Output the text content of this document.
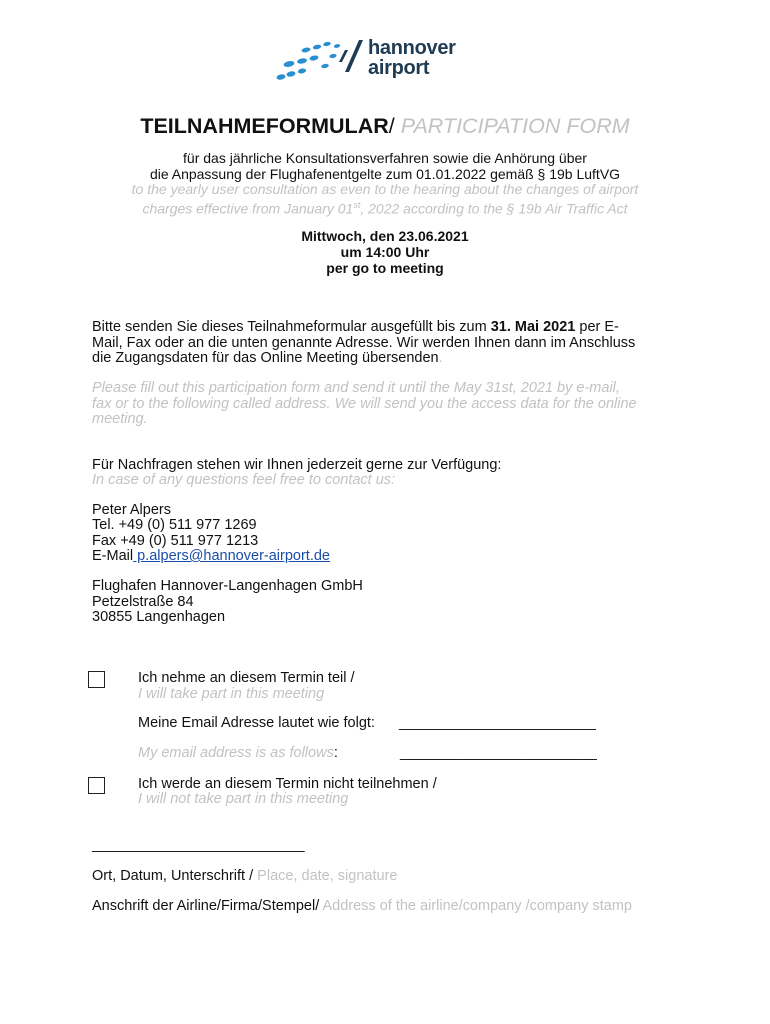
hannover
airport
TEILNAHMEFORMULAR/ PARTICIPATION FORM
für das jährliche Konsultationsverfahren sowie die Anhörung über
die Anpassung der Flughafenentgelte zum 01.01.2022 gemäß § 19b LuftVG
to the yearly user consultation as even to the hearing about the changes of airport
charges effective from January 01st, 2022 according to the § 19b Air Traffic Act
Mittwoch, den 23.06.2021
um 14:00 Uhr
per go to meeting
Bitte senden Sie dieses Teilnahmeformular ausgefüllt bis zum 31. Mai 2021 per E-
Mail, Fax oder an die unten genannte Adresse. Wir werden Ihnen dann im Anschluss
die Zugangsdaten für das Online Meeting übersenden.
Please fill out this participation form and send it until the May 31st, 2021 by e-mail,
fax or to the following called address. We will send you the access data for the online
meeting.
Für Nachfragen stehen wir Ihnen jederzeit gerne zur Verfügung:
In case of any questions feel free to contact us:
Peter Alpers
Tel. +49 (0) 511 977 1269
Fax +49 (0) 511 977 1213
E-Mail p.alpers@hannover-airport.de
Flughafen Hannover-Langenhagen GmbH
Petzelstraße 84
30855 Langenhagen
Ich nehme an diesem Termin teil /
I will take part in this meeting
Meine Email Adresse lautet wie folgt: _________________________
My email address is as follows:	_________________________
Ich werde an diesem Termin nicht teilnehmen /
I will not take part in this meeting
___________________________
Ort, Datum, Unterschrift / Place, date, signature
Anschrift der Airline/Firma/Stempel/ Address of the airline/company /company stamp
